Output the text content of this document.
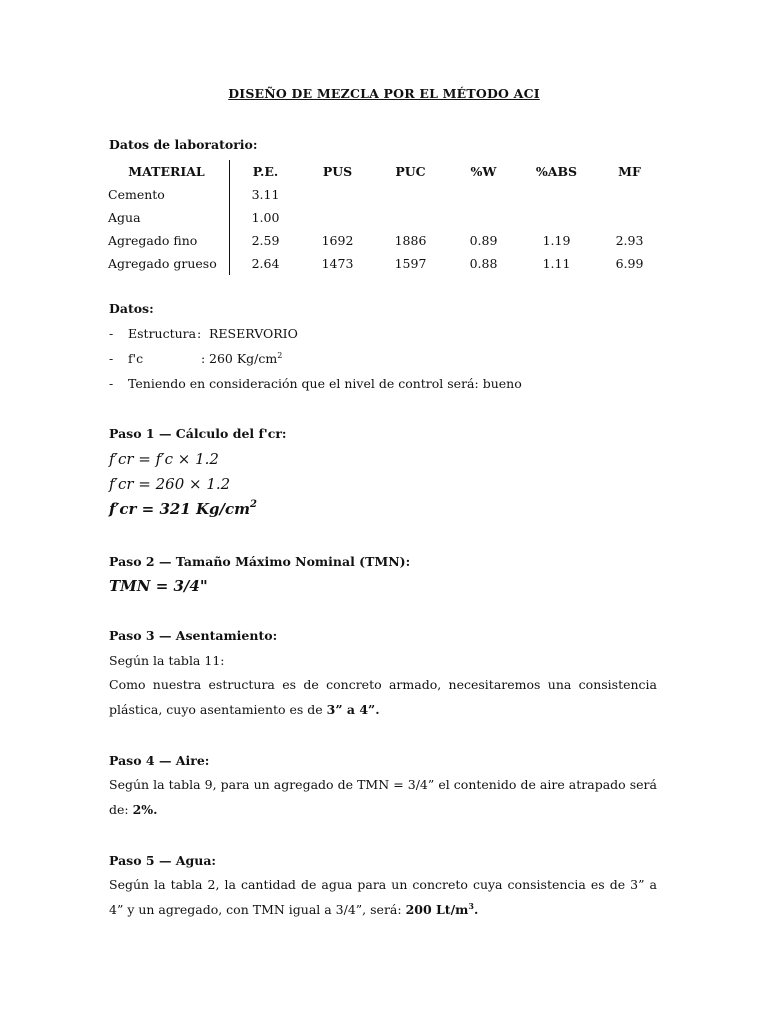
DISEÑO DE MEZCLA POR EL MÉTODO ACI
Datos de laboratorio:
MATERIAL	P.E.	PUS	PUC	%W	%ABS	MF
Cemento	3.11					
Agua	1.00					
Agregado fino	2.59	1692	1886	0.89	1.19	2.93
Agregado grueso	2.64	1473	1597	0.88	1.11	6.99
Datos:
- Estructura : RESERVORIO
- f'c	: 260 $Kg/cm^2$
- Teniendo en consideración que el nivel de control será: bueno
Paso 1 — Cálculo del f'cr:
f′cr = f′c × 1.2
f′cr = 260 × 1.2
f′cr = 321 $Kg/cm^2$
Paso 2 — Tamaño Máximo Nominal (TMN):
TMN = 3/4"
Paso 3 — Asentamiento:
Según la tabla 11:
Como nuestra estructura es de concreto armado, necesitaremos una consistencia plástica, cuyo asentamiento es de 3” a 4”.
Paso 4 — Aire:
Según la tabla 9, para un agregado de TMN = 3/4” el contenido de aire atrapado será de: 2%.
Paso 5 — Agua:
Según la tabla 2, la cantidad de agua para un concreto cuya consistencia es de 3” a 4” y un agregado, con TMN igual a 3/4”, será: 200 $Lt/m^3$.
